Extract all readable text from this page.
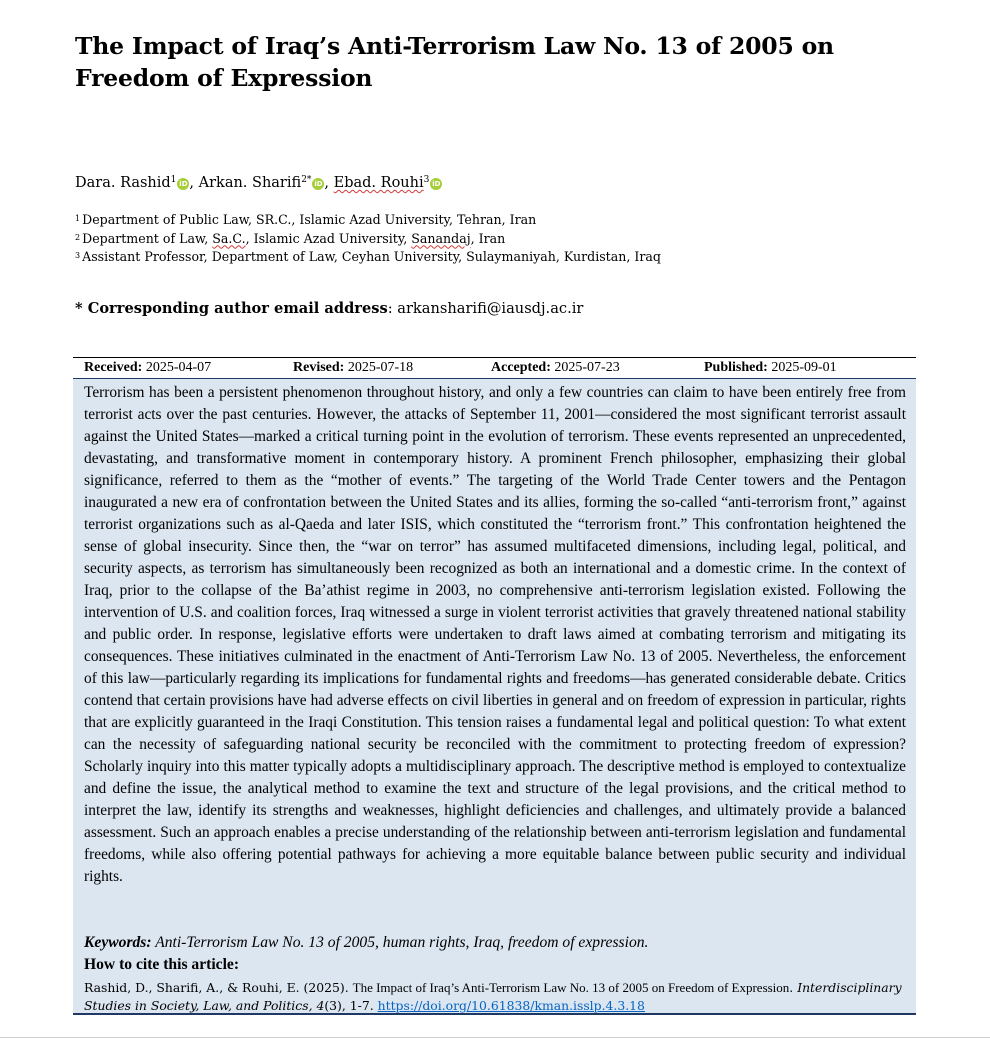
The Impact of Iraq’s Anti-Terrorism Law No. 13 of 2005 on Freedom of Expression
Dara. Rashid$^1$ iD , Arkan. Sharifi$^{2*}$ iD , Ebad. Rouhi$^3$ iD
$^1$ Department of Public Law, SR.C., Islamic Azad University, Tehran, Iran
$^2$ Department of Law, Sa.C., Islamic Azad University, Sanandaj, Iran
$^3$ Assistant Professor, Department of Law, Ceyhan University, Sulaymaniyah, Kurdistan, Iraq
* Corresponding author email address: arkansharifi@iausdj.ac.ir
Received: 2025-04-07	Revised: 2025-07-18	Accepted: 2025-07-23	Published: 2025-09-01

Terrorism has been a persistent phenomenon throughout history, and only a few countries can claim to have been entirely free from terrorist acts over the past centuries. However, the attacks of September 11, 2001—considered the most significant terrorist assault against the United States—marked a critical turning point in the evolution of terrorism. These events represented an unprecedented, devastating, and transformative moment in contemporary history. A prominent French philosopher, emphasizing their global significance, referred to them as the “mother of events.” The targeting of the World Trade Center towers and the Pentagon inaugurated a new era of confrontation between the United States and its allies, forming the so-called “anti-terrorism front,” against terrorist organizations such as al-Qaeda and later ISIS, which constituted the “terrorism front.” This confrontation heightened the sense of global insecurity. Since then, the “war on terror” has assumed multifaceted dimensions, including legal, political, and security aspects, as terrorism has simultaneously been recognized as both an international and a domestic crime. In the context of Iraq, prior to the collapse of the Ba’athist regime in 2003, no comprehensive anti-terrorism legislation existed. Following the intervention of U.S. and coalition forces, Iraq witnessed a surge in violent terrorist activities that gravely threatened national stability and public order. In response, legislative efforts were undertaken to draft laws aimed at combating terrorism and mitigating its consequences. These initiatives culminated in the enactment of Anti-Terrorism Law No. 13 of 2005. Nevertheless, the enforcement of this law—particularly regarding its implications for fundamental rights and freedoms—has generated considerable debate. Critics contend that certain provisions have had adverse effects on civil liberties in general and on freedom of expression in particular, rights that are explicitly guaranteed in the Iraqi Constitution. This tension raises a fundamental legal and political question: To what extent can the necessity of safeguarding national security be reconciled with the commitment to protecting freedom of expression? Scholarly inquiry into this matter typically adopts a multidisciplinary approach. The descriptive method is employed to contextualize and define the issue, the analytical method to examine the text and structure of the legal provisions, and the critical method to interpret the law, identify its strengths and weaknesses, highlight deficiencies and challenges, and ultimately provide a balanced assessment. Such an approach enables a precise understanding of the relationship between anti-terrorism legislation and fundamental freedoms, while also offering potential pathways for achieving a more equitable balance between public security and individual rights.

Keywords: Anti-Terrorism Law No. 13 of 2005, human rights, Iraq, freedom of expression.
How to cite this article:
Rashid, D., Sharifi, A., & Rouhi, E. (2025). The Impact of Iraq’s Anti-Terrorism Law No. 13 of 2005 on Freedom of Expression. Interdisciplinary Studies in Society, Law, and Politics, 4(3), 1-7. https://doi.org/10.61838/kman.isslp.4.3.18
